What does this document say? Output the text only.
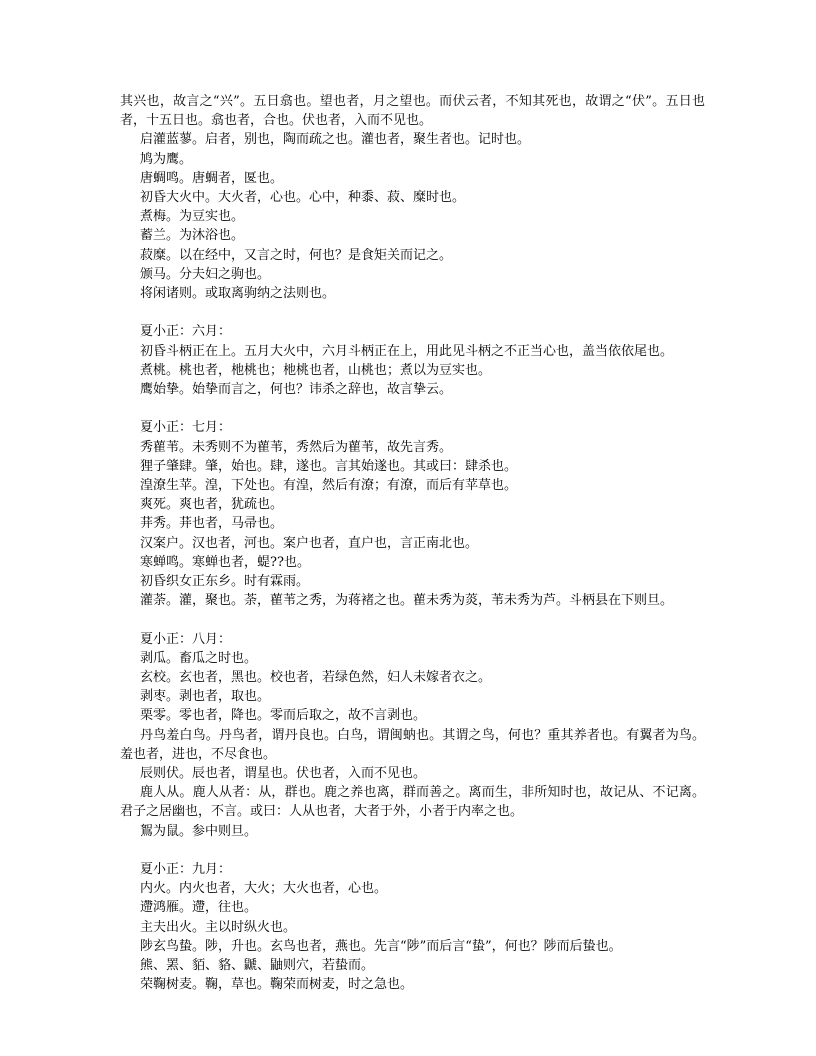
其兴也，故言之“兴”。五日翕也。望也者，月之望也。而伏云者，不知其死也，故谓之“伏”。五日也者，十五日也。翕也者，合也。伏也者，入而不见也。

启灌蓝蓼。启者，别也，陶而疏之也。灌也者，聚生者也。记时也。

鸠为鹰。

唐蜩鸣。唐蜩者，匽也。

初昏大火中。大火者，心也。心中，种黍、菽、糜时也。

煮梅。为豆实也。

蓄兰。为沐浴也。

菽糜。以在经中，又言之时，何也？是食矩关而记之。

颁马。分夫妇之驹也。

将闲诸则。或取离驹纳之法则也。

夏小正：六月：

初昏斗柄正在上。五月大火中，六月斗柄正在上，用此见斗柄之不正当心也，盖当依依尾也。

煮桃。桃也者，杝桃也；杝桃也者，山桃也；煮以为豆实也。

鹰始挚。始挚而言之，何也？讳杀之辞也，故言挚云。

夏小正：七月：

秀雚苇。未秀则不为雚苇，秀然后为雚苇，故先言秀。

狸子肇肆。肇，始也。肆，遂也。言其始遂也。其或曰：肆杀也。

湟潦生苹。湟，下处也。有湟，然后有潦；有潦，而后有苹草也。

爽死。爽也者，犹疏也。

荓秀。荓也者，马帚也。

汉案户。汉也者，河也。案户也者，直户也，言正南北也。

寒蝉鸣。寒蝉也者，蝭??也。

初昏织女正东乡。时有霖雨。

灌荼。灌，聚也。荼，雚苇之秀，为蒋褚之也。雚未秀为菼，苇未秀为芦。斗柄县在下则旦。

夏小正：八月：

剥瓜。畜瓜之时也。

玄校。玄也者，黑也。校也者，若绿色然，妇人未嫁者衣之。

剥枣。剥也者，取也。

栗零。零也者，降也。零而后取之，故不言剥也。

丹鸟羞白鸟。丹鸟者，谓丹良也。白鸟，谓闽蚋也。其谓之鸟，何也？重其养者也。有翼者为鸟。羞也者，进也，不尽食也。

辰则伏。辰也者，谓星也。伏也者，入而不见也。

鹿人从。鹿人从者：从，群也。鹿之养也离，群而善之。离而生，非所知时也，故记从、不记离。君子之居幽也，不言。或曰：人从也者，大者于外，小者于内率之也。

鴽为鼠。参中则旦。

夏小正：九月：

内火。内火也者，大火；大火也者，心也。

遰鸿雁。遰，往也。

主夫出火。主以时纵火也。

陟玄鸟蛰。陟，升也。玄鸟也者，燕也。先言“陟”而后言“蛰”，何也？陟而后蛰也。

熊、罴、貊、貉、鼶、鼬则穴，若蛰而。

荣鞠树麦。鞠，草也。鞠荣而树麦，时之急也。
